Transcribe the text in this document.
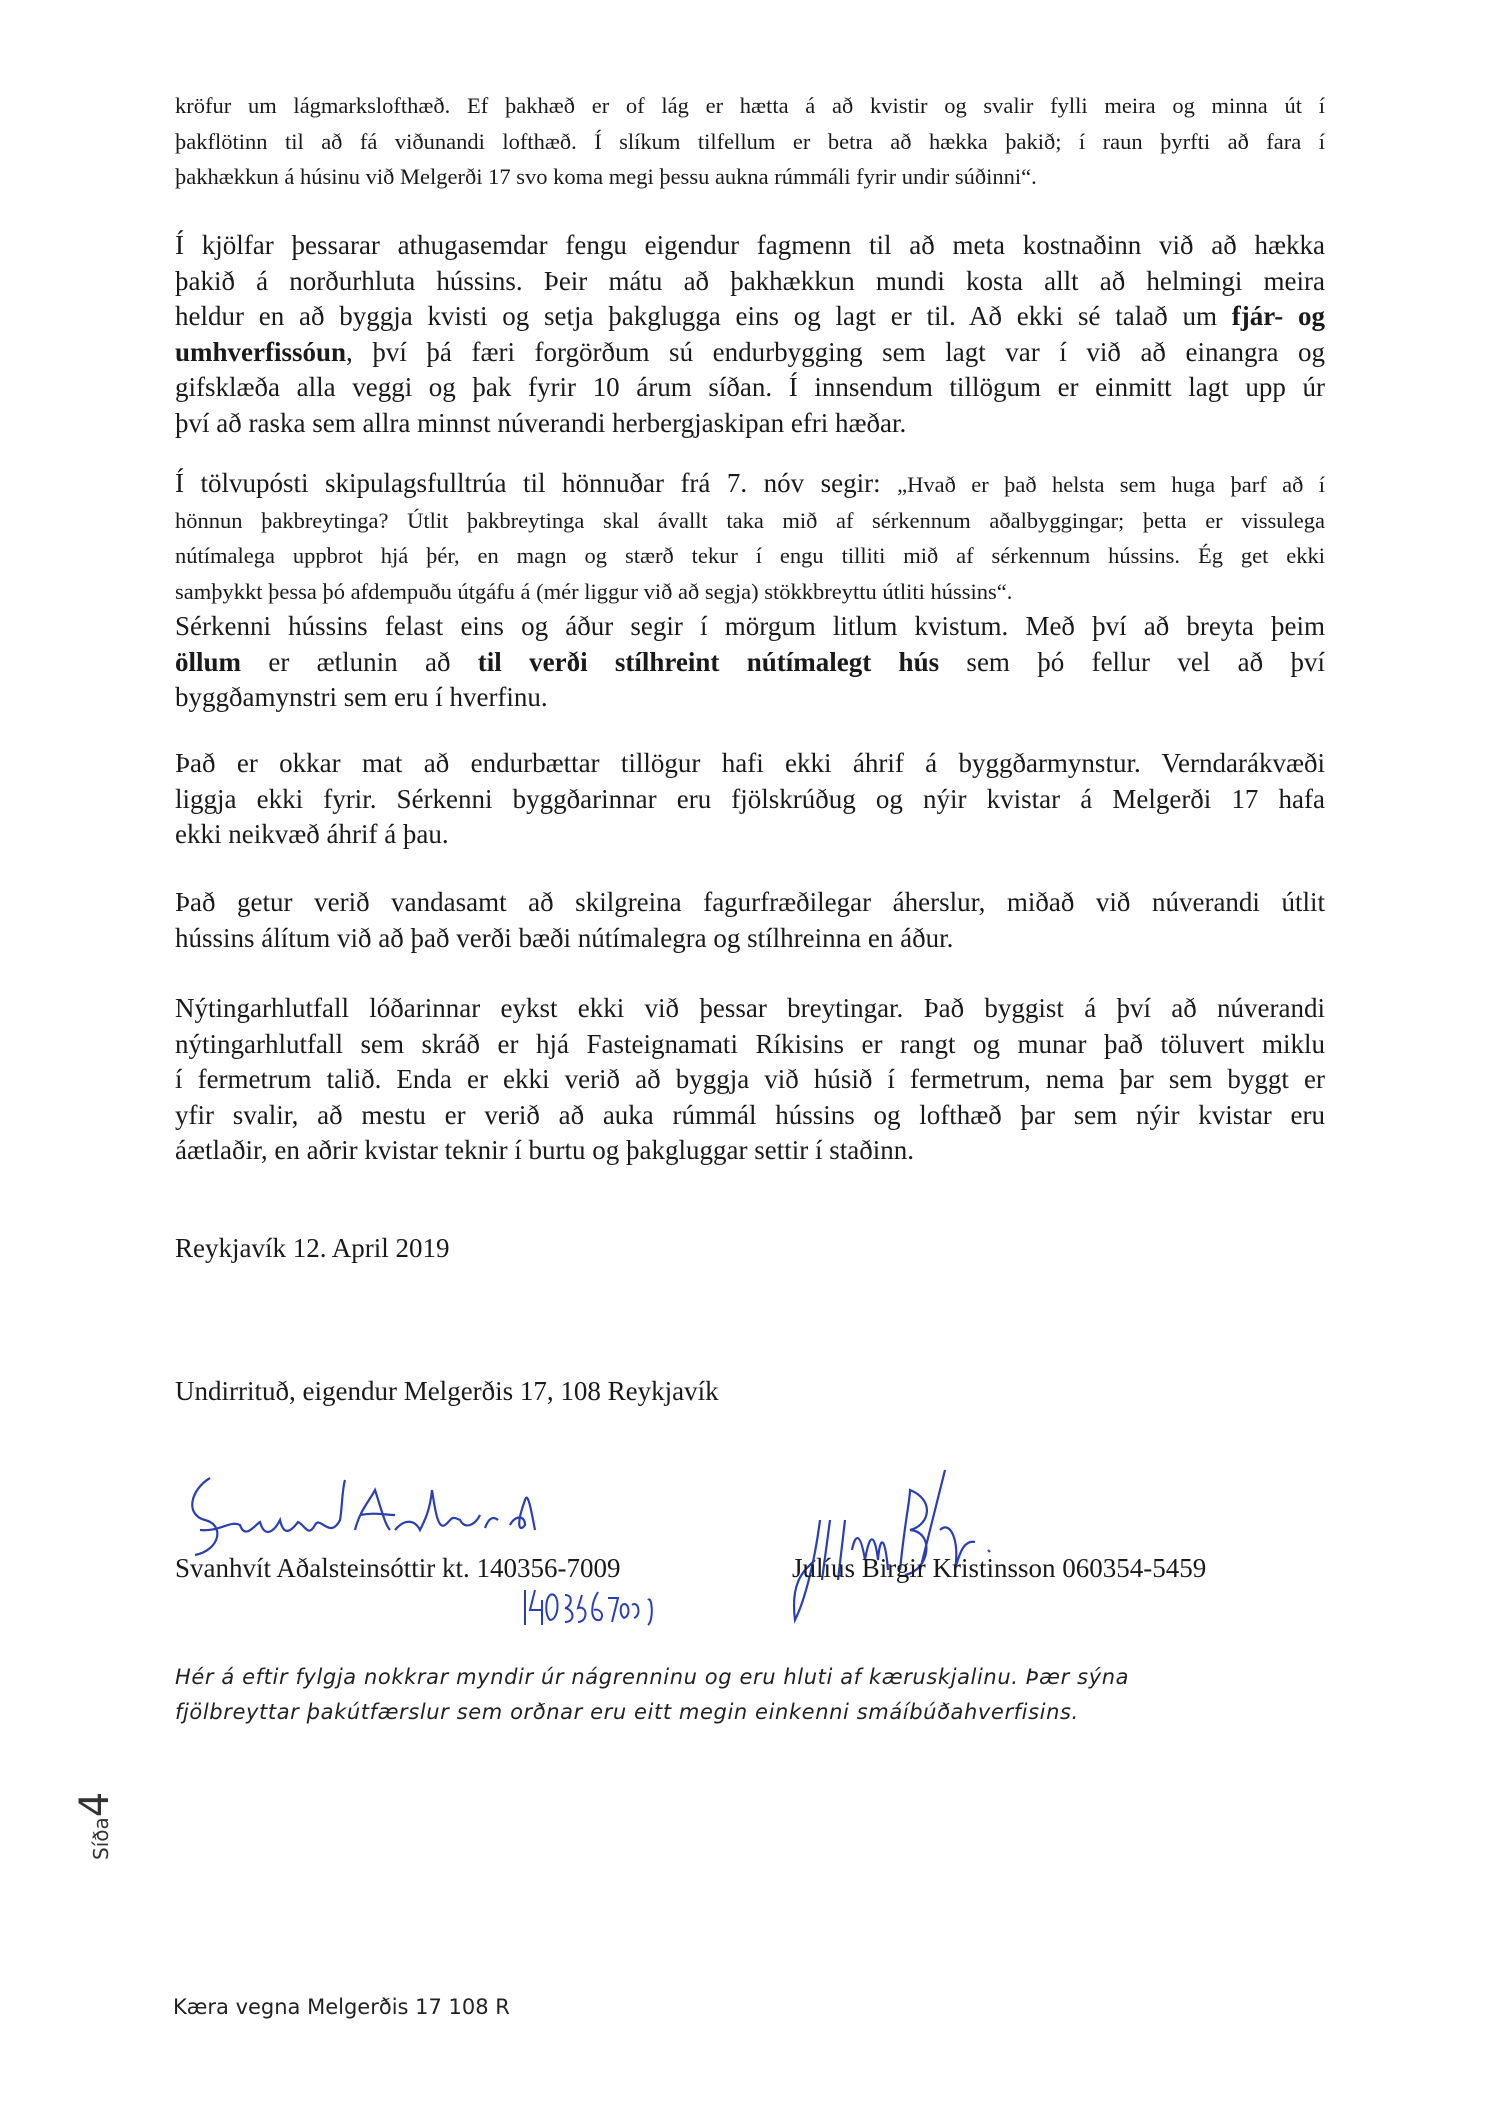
kröfur um lágmarkslofthæð. Ef þakhæð er of lág er hætta á að kvistir og svalir fylli meira og minna út í
þakflötinn til að fá viðunandi lofthæð. Í slíkum tilfellum er betra að hækka þakið; í raun þyrfti að fara í
þakhækkun á húsinu við Melgerði 17 svo koma megi þessu aukna rúmmáli fyrir undir súðinni“.
Í kjölfar þessarar athugasemdar fengu eigendur fagmenn til að meta kostnaðinn við að hækka
þakið á norðurhluta hússins. Þeir mátu að þakhækkun mundi kosta allt að helmingi meira
heldur en að byggja kvisti og setja þakglugga eins og lagt er til. Að ekki sé talað um fjár- og
umhverfissóun, því þá færi forgörðum sú endurbygging sem lagt var í við að einangra og
gifsklæða alla veggi og þak fyrir 10 árum síðan. Í innsendum tillögum er einmitt lagt upp úr
því að raska sem allra minnst núverandi herbergjaskipan efri hæðar.
Í tölvupósti skipulagsfulltrúa til hönnuðar frá 7. nóv segir: „Hvað er það helsta sem huga þarf að í
hönnun þakbreytinga? Útlit þakbreytinga skal ávallt taka mið af sérkennum aðalbyggingar; þetta er vissulega
nútímalega uppbrot hjá þér, en magn og stærð tekur í engu tilliti mið af sérkennum hússins. Ég get ekki
samþykkt þessa þó afdempuðu útgáfu á (mér liggur við að segja) stökkbreyttu útliti hússins“.
Sérkenni hússins felast eins og áður segir í mörgum litlum kvistum. Með því að breyta þeim
öllum er ætlunin að til verði stílhreint nútímalegt hús sem þó fellur vel að því
byggðamynstri sem eru í hverfinu.
Það er okkar mat að endurbættar tillögur hafi ekki áhrif á byggðarmynstur. Verndarákvæði
liggja ekki fyrir. Sérkenni byggðarinnar eru fjölskrúðug og nýir kvistar á Melgerði 17 hafa
ekki neikvæð áhrif á þau.
Það getur verið vandasamt að skilgreina fagurfræðilegar áherslur, miðað við núverandi útlit
hússins álítum við að það verði bæði nútímalegra og stílhreinna en áður.
Nýtingarhlutfall lóðarinnar eykst ekki við þessar breytingar. Það byggist á því að núverandi
nýtingarhlutfall sem skráð er hjá Fasteignamati Ríkisins er rangt og munar það töluvert miklu
í fermetrum talið. Enda er ekki verið að byggja við húsið í fermetrum, nema þar sem byggt er
yfir svalir, að mestu er verið að auka rúmmál hússins og lofthæð þar sem nýir kvistar eru
áætlaðir, en aðrir kvistar teknir í burtu og þakgluggar settir í staðinn.
Reykjavík 12. April 2019
Undirrituð, eigendur Melgerðis 17, 108 Reykjavík
Svanhvít Aðalsteinsóttir kt. 140356-7009	Julíus Birgir Kristinsson 060354-5459
Hér á eftir fylgja nokkrar myndir úr nágrenninu og eru hluti af kæruskjalinu. Þær sýna
fjölbreyttar þakútfærslur sem orðnar eru eitt megin einkenni smáíbúðahverfisins.
Síða4
Kæra vegna Melgerðis 17 108 R
